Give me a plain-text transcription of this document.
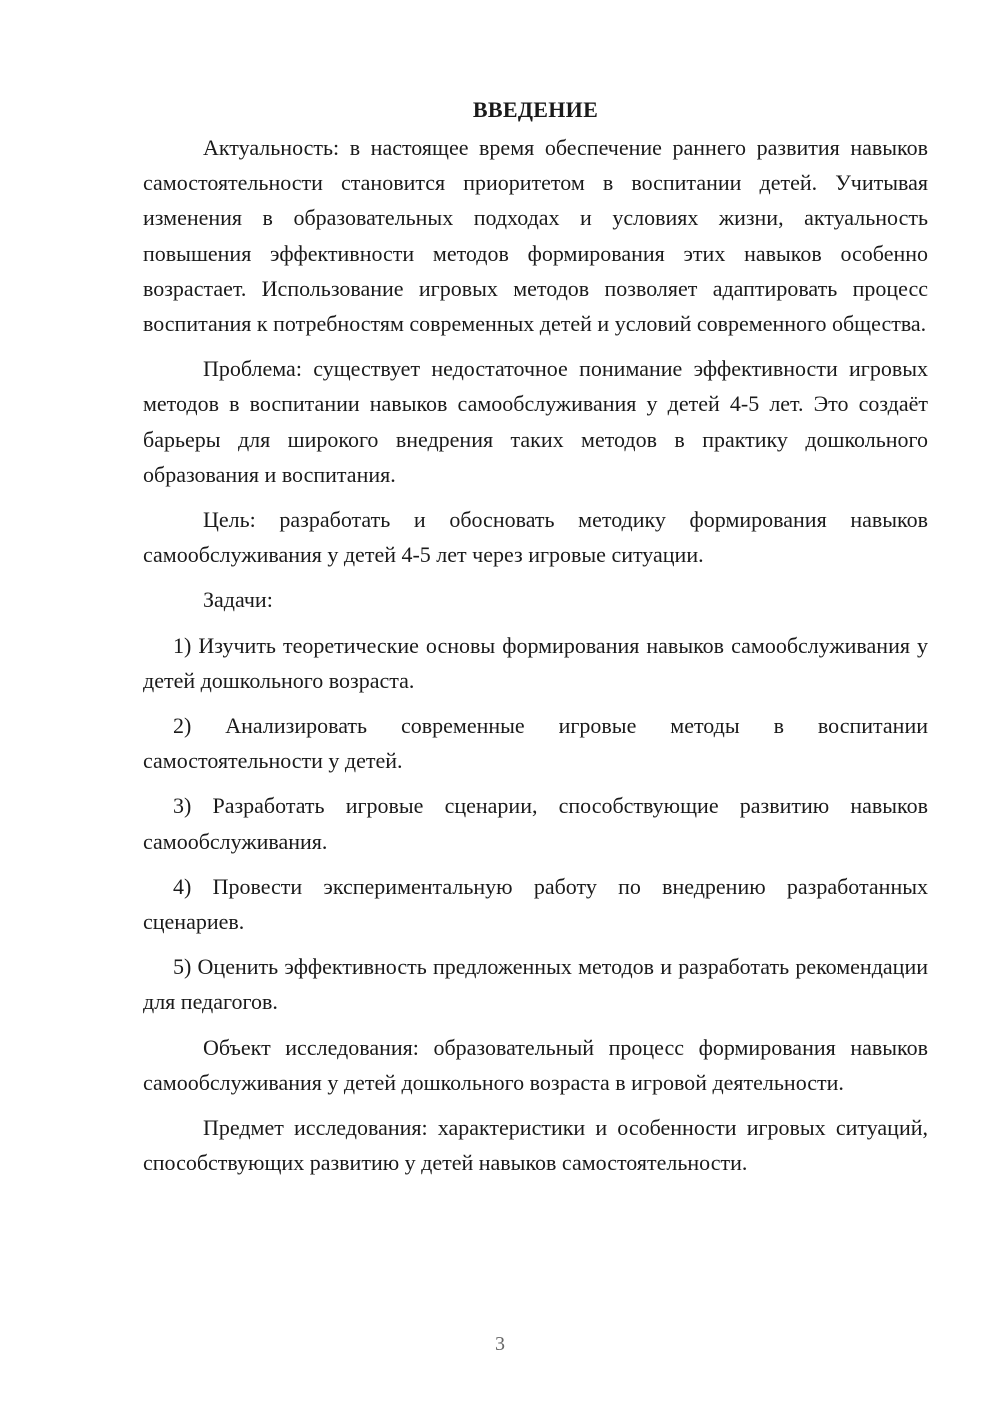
ВВЕДЕНИЕ

Актуальность: в настоящее время обеспечение раннего развития навыков самостоятельности становится приоритетом в воспитании детей. Учитывая изменения в образовательных подходах и условиях жизни, актуальность повышения эффективности методов формирования этих навыков особенно возрастает. Использование игровых методов позволяет адаптировать процесс воспитания к потребностям современных детей и условий современного общества.

Проблема: существует недостаточное понимание эффективности игровых методов в воспитании навыков самообслуживания у детей 4-5 лет. Это создаёт барьеры для широкого внедрения таких методов в практику дошкольного образования и воспитания.

Цель: разработать и обосновать методику формирования навыков самообслуживания у детей 4-5 лет через игровые ситуации.

Задачи:

1) Изучить теоретические основы формирования навыков самообслуживания у детей дошкольного возраста.

2) Анализировать современные игровые методы в воспитании самостоятельности у детей.

3) Разработать игровые сценарии, способствующие развитию навыков самообслуживания.

4) Провести экспериментальную работу по внедрению разработанных сценариев.

5) Оценить эффективность предложенных методов и разработать рекомендации для педагогов.

Объект исследования: образовательный процесс формирования навыков самообслуживания у детей дошкольного возраста в игровой деятельности.

Предмет исследования: характеристики и особенности игровых ситуаций, способствующих развитию у детей навыков самостоятельности.

3
